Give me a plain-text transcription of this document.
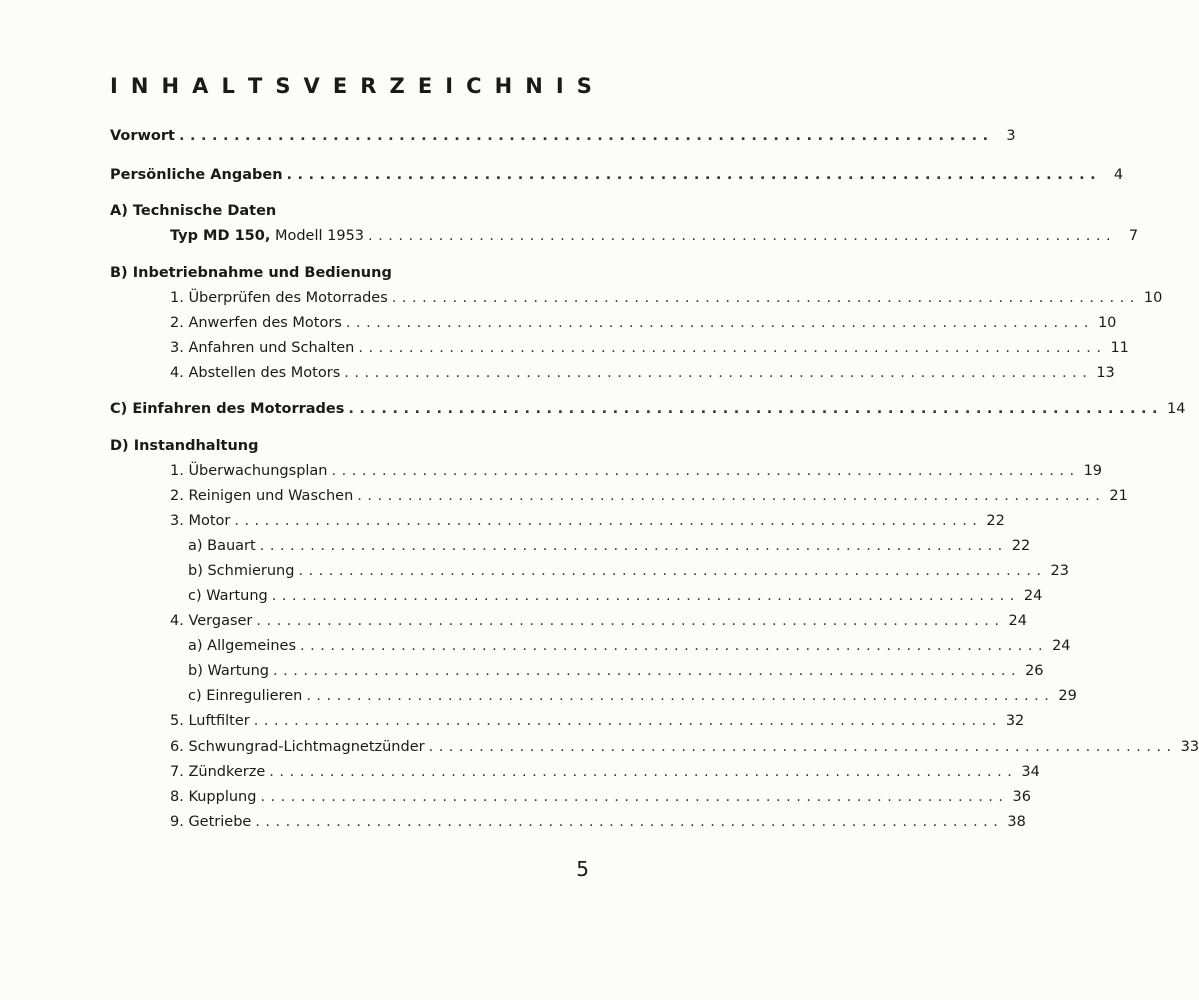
I N H A L T S V E R Z E I C H N I S
Vorwort .......................................................................... 3
Persönliche Angaben .......................................................................... 4
A) Technische Daten
Typ MD 150, Modell 1953 .......................................................................... 7
B) Inbetriebnahme und Bedienung
1. Überprüfen des Motorrades .......................................................................... 10
2. Anwerfen des Motors .......................................................................... 10
3. Anfahren und Schalten .......................................................................... 11
4. Abstellen des Motors .......................................................................... 13
C) Einfahren des Motorrades .......................................................................... 14
D) Instandhaltung
1. Überwachungsplan .......................................................................... 19
2. Reinigen und Waschen .......................................................................... 21
3. Motor .......................................................................... 22
a) Bauart .......................................................................... 22
b) Schmierung .......................................................................... 23
c) Wartung .......................................................................... 24
4. Vergaser .......................................................................... 24
a) Allgemeines .......................................................................... 24
b) Wartung .......................................................................... 26
c) Einregulieren .......................................................................... 29
5. Luftfilter .......................................................................... 32
6. Schwungrad-Lichtmagnetzünder .......................................................................... 33
7. Zündkerze .......................................................................... 34
8. Kupplung .......................................................................... 36
9. Getriebe .......................................................................... 38
5
